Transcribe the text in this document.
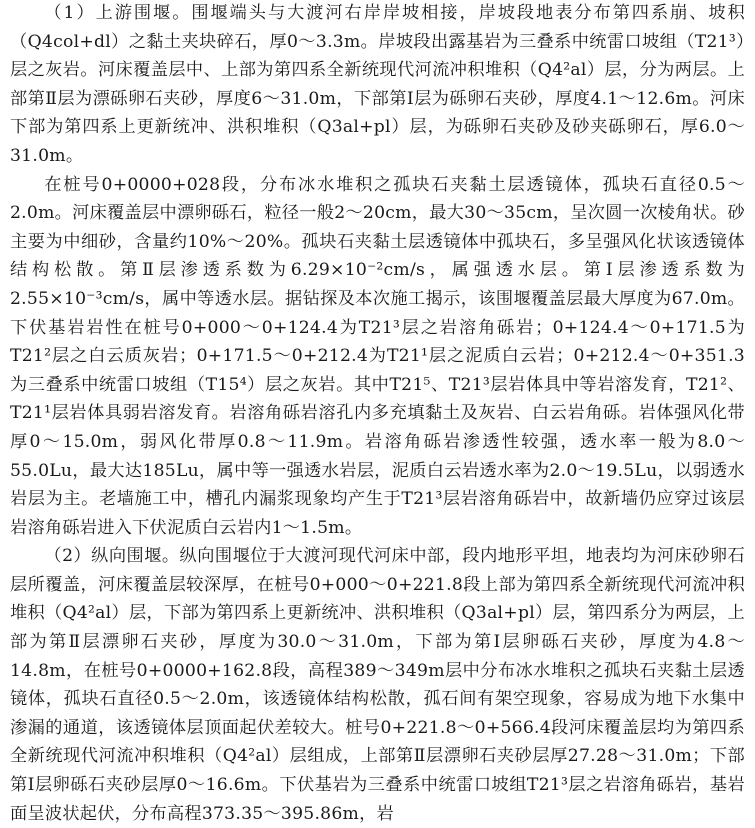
（1）上游围堰。围堰端头与大渡河右岸岸坡相接，岸坡段地表分布第四系崩、坡积（Q4col+dl）之黏土夹块碎石，厚0～3.3m。岸坡段出露基岩为三叠系中统雷口坡组（T21³）层之灰岩。河床覆盖层中、上部为第四系全新统现代河流冲积堆积（Q4²al）层，分为两层。上部第Ⅱ层为漂砾卵石夹砂，厚度6～31.0m，下部第Ⅰ层为砾卵石夹砂，厚度4.1～12.6m。河床下部为第四系上更新统冲、洪积堆积（Q3al+pl）层，为砾卵石夹砂及砂夹砾卵石，厚6.0～31.0m。

在桩号0+0000+028段，分布冰水堆积之孤块石夹黏土层透镜体，孤块石直径0.5～2.0m。河床覆盖层中漂卵砾石，粒径一般2～20cm，最大30～35cm，呈次圆一次棱角状。砂主要为中细砂，含量约10%～20%。孤块石夹黏土层透镜体中孤块石，多呈强风化状该透镜体结构松散。第Ⅱ层渗透系数为6.29×10⁻²cm/s，属强透水层。第Ⅰ层渗透系数为2.55×10⁻³cm/s，属中等透水层。据钻探及本次施工揭示，该围堰覆盖层最大厚度为67.0m。下伏基岩岩性在桩号0+000～0+124.4为T21³层之岩溶角砾岩；0+124.4～0+171.5为T21²层之白云质灰岩；0+171.5～0+212.4为T21¹层之泥质白云岩；0+212.4～0+351.3为三叠系中统雷口坡组（T15⁴）层之灰岩。其中T21⁵、T21³层岩体具中等岩溶发育，T21²、T21¹层岩体具弱岩溶发育。岩溶角砾岩溶孔内多充填黏土及灰岩、白云岩角砾。岩体强风化带厚0～15.0m，弱风化带厚0.8～11.9m。岩溶角砾岩渗透性较强，透水率一般为8.0～55.0Lu，最大达185Lu，属中等一强透水岩层，泥质白云岩透水率为2.0～19.5Lu，以弱透水岩层为主。老墙施工中，槽孔内漏浆现象均产生于T21³层岩溶角砾岩中，故新墙仍应穿过该层岩溶角砾岩进入下伏泥质白云岩内1～1.5m。

（2）纵向围堰。纵向围堰位于大渡河现代河床中部，段内地形平坦，地表均为河床砂卵石层所覆盖，河床覆盖层较深厚，在桩号0+000～0+221.8段上部为第四系全新统现代河流冲积堆积（Q4²al）层，下部为第四系上更新统冲、洪积堆积（Q3al+pl）层，第四系分为两层，上部为第Ⅱ层漂卵石夹砂，厚度为30.0～31.0m，下部为第Ⅰ层卵砾石夹砂，厚度为4.8～14.8m，在桩号0+0000+162.8段，高程389～349m层中分布冰水堆积之孤块石夹黏土层透镜体，孤块石直径0.5～2.0m，该透镜体结构松散，孤石间有架空现象，容易成为地下水集中渗漏的通道，该透镜体层顶面起伏差较大。桩号0+221.8～0+566.4段河床覆盖层均为第四系全新统现代河流冲积堆积（Q4²al）层组成，上部第Ⅱ层漂卵石夹砂层厚27.28～31.0m；下部第Ⅰ层卵砾石夹砂层厚0～16.6m。下伏基岩为三叠系中统雷口坡组T21³层之岩溶角砾岩，基岩面呈波状起伏，分布高程373.35～395.86m，岩
